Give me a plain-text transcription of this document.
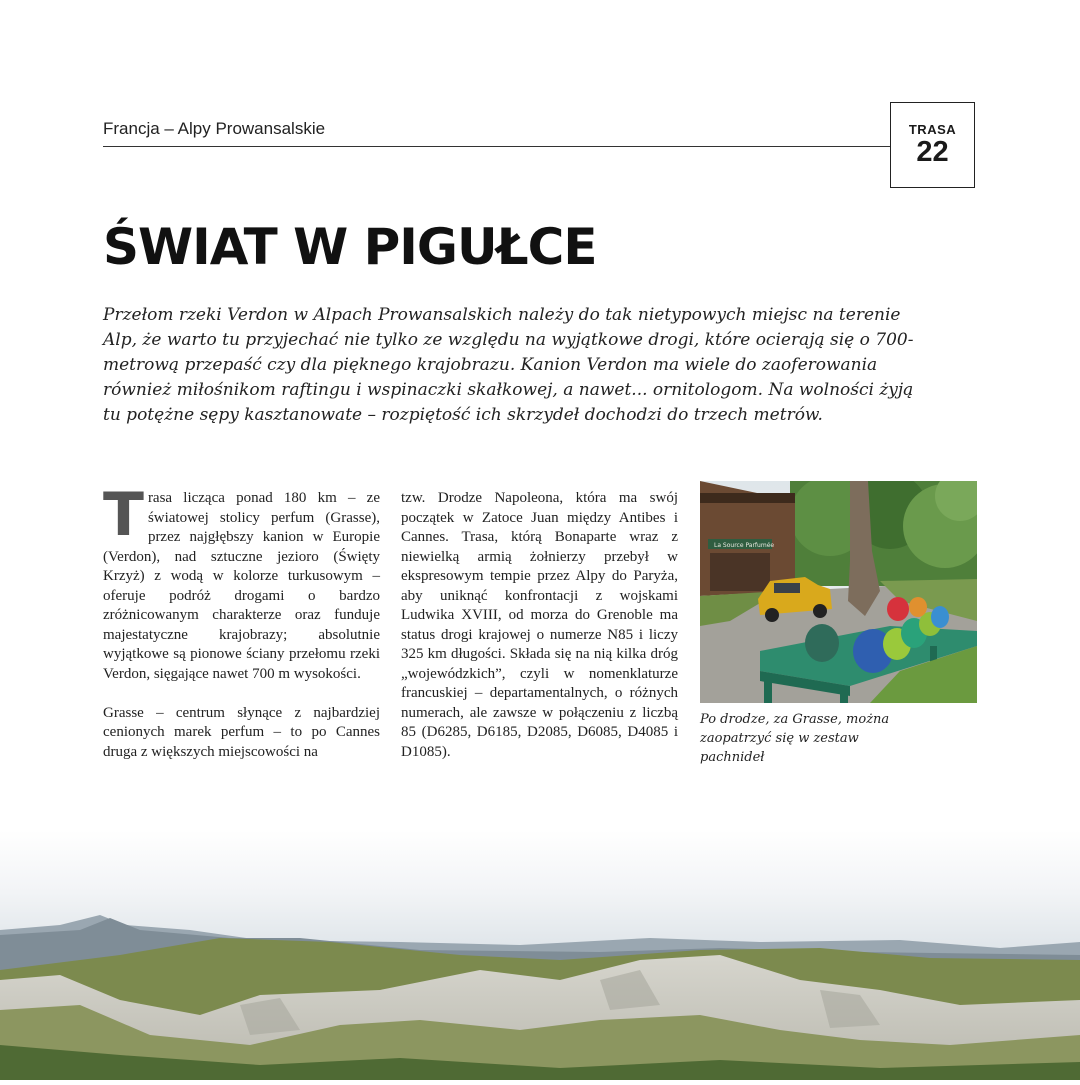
Francja – Alpy Prowansalskie	TRASA
22
ŚWIAT W PIGUŁCE

Przełom rzeki Verdon w Alpach Prowansalskich należy do tak nietypowych miejsc na terenie Alp, że warto tu przyjechać nie tylko ze względu na wyjątkowe drogi, które ocierają się o 700-metrową przepaść czy dla pięknego krajobrazu. Kanion Verdon ma wiele do zaoferowania również miłośnikom raftingu i wspinaczki skałkowej, a nawet... ornitologom. Na wolności żyją tu potężne sępy kasztanowate – rozpiętość ich skrzydeł dochodzi do trzech metrów.

Trasa licząca ponad 180 km – ze światowej stolicy perfum (Grasse), przez najgłębszy kanion w Europie (Verdon), nad sztuczne jezioro (Święty Krzyż) z wodą w kolorze turkusowym – oferuje podróż drogami o bardzo zróżnicowanym charakterze oraz funduje majestatyczne krajobrazy; absolutnie wyjątkowe są pionowe ściany przełomu rzeki Verdon, sięgające nawet 700 m wysokości.

Grasse – centrum słynące z najbardziej cenionych marek perfum – to po Cannes druga z większych miejscowości na

tzw. Drodze Napoleona, która ma swój początek w Zatoce Juan między Antibes i Cannes. Trasa, którą Bonaparte wraz z niewielką armią żołnierzy przebył w ekspresowym tempie przez Alpy do Paryża, aby uniknąć konfrontacji z wojskami Ludwika XVIII, od morza do Grenoble ma status drogi krajowej o numerze N85 i liczy 325 km długości. Składa się na nią kilka dróg „wojewódzkich”, czyli w nomenklaturze francuskiej – departamentalnych, o różnych numerach, ale zawsze w połączeniu z liczbą 85 (D6285, D6185, D2085, D6085, D4085 i D1085).

La Source Parfumée

Po drodze, za Grasse, można zaopatrzyć się w zestaw pachnideł
